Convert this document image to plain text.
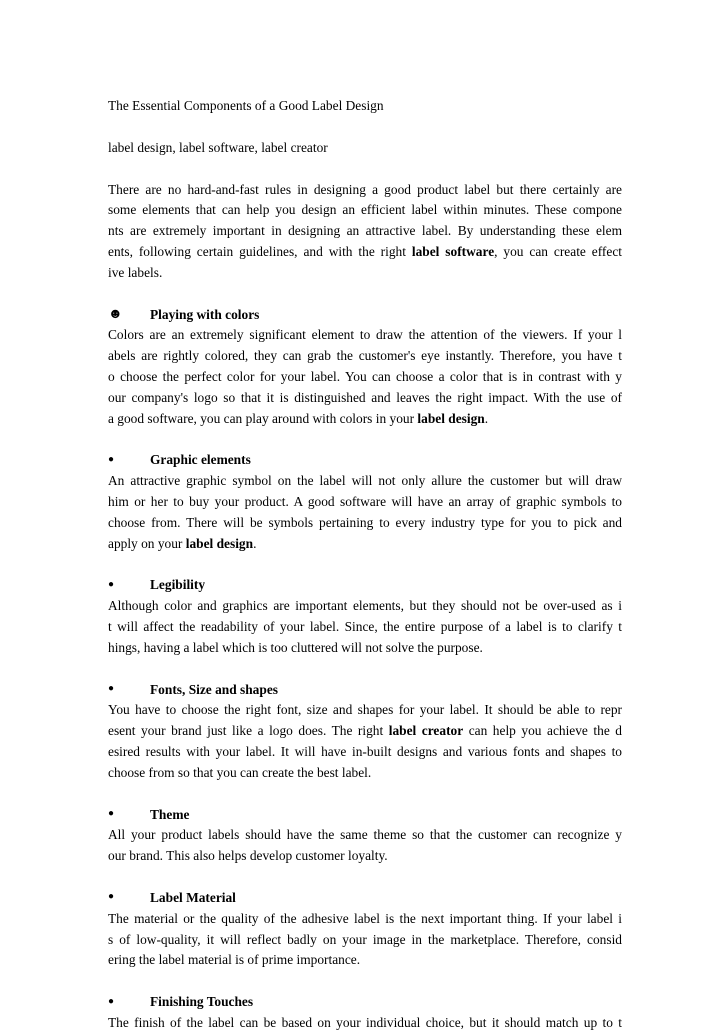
The Essential Components of a Good Label Design
label design, label software, label creator
There are no hard-and-fast rules in designing a good product label but there certainly are
some elements that can help you design an efficient label within minutes. These compone
nts are extremely important in designing an attractive label. By understanding these elem
ents, following certain guidelines, and with the right label software, you can create effect
ive labels.
☻	Playing with colors
Colors are an extremely significant element to draw the attention of the viewers. If your l
abels are rightly colored, they can grab the customer's eye instantly. Therefore, you have t
o choose the perfect color for your label. You can choose a color that is in contrast with y
our company's logo so that it is distinguished and leaves the right impact. With the use of
a good software, you can play around with colors in your label design.
●
Graphic elements
An attractive graphic symbol on the label will not only allure the customer but will draw
him or her to buy your product. A good software will have an array of graphic symbols to
choose from. There will be symbols pertaining to every industry type for you to pick and
apply on your label design.
●
Legibility
Although color and graphics are important elements, but they should not be over-used as i
t will affect the readability of your label. Since, the entire purpose of a label is to clarify t
hings, having a label which is too cluttered will not solve the purpose.
●
Fonts, Size and shapes
You have to choose the right font, size and shapes for your label. It should be able to repr
esent your brand just like a logo does. The right label creator can help you achieve the d
esired results with your label. It will have in-built designs and various fonts and shapes to
choose from so that you can create the best label.
●
Theme
All your product labels should have the same theme so that the customer can recognize y
our brand. This also helps develop customer loyalty.
●
Label Material
The material or the quality of the adhesive label is the next important thing. If your label i
s of low-quality, it will reflect badly on your image in the marketplace. Therefore, consid
ering the label material is of prime importance.
●
Finishing Touches
The finish of the label can be based on your individual choice, but it should match up to t
